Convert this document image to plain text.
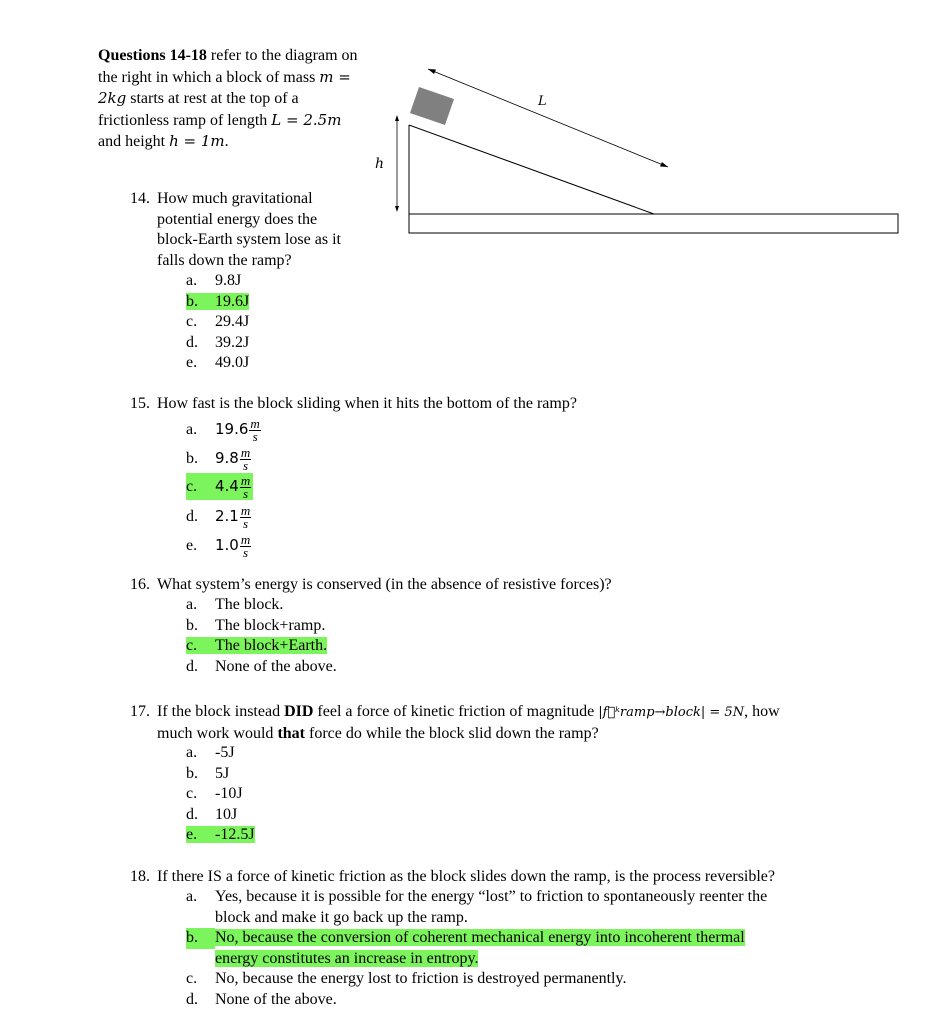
Questions 14-18 refer to the diagram on the right in which a block of mass m = 2kg starts at rest at the top of a frictionless ramp of length L = 2.5m and height h = 1m.
L
h
14. How much gravitational potential energy does the block-Earth system lose as it falls down the ramp?
a. 9.8J
b. 19.6J
c. 29.4J
d. 39.2J
e. 49.0J
15. How fast is the block sliding when it hits the bottom of the ramp?
a. $19.6 \frac{m}{s}$
b. $9.8 \frac{m}{s}$
c. $4.4 \frac{m}{s}$
d. $2.1 \frac{m}{s}$
e. $1.0 \frac{m}{s}$
16. What system’s energy is conserved (in the absence of resistive forces)?
a. The block.
b. The block+ramp.
c. The block+Earth.
d. None of the above.
17. If the block instead DID feel a force of kinetic friction of magnitude |f⃗ᵏramp→block| = 5N, how
much work would that force do while the block slid down the ramp?
a. -5J
b. 5J
c. -10J
d. 10J
e. -12.5J
18. If there IS a force of kinetic friction as the block slides down the ramp, is the process reversible?
a. Yes, because it is possible for the energy “lost” to friction to spontaneously reenter the
block and make it go back up the ramp.
b. No, because the conversion of coherent mechanical energy into incoherent thermal
energy constitutes an increase in entropy.
c. No, because the energy lost to friction is destroyed permanently.
d. None of the above.
